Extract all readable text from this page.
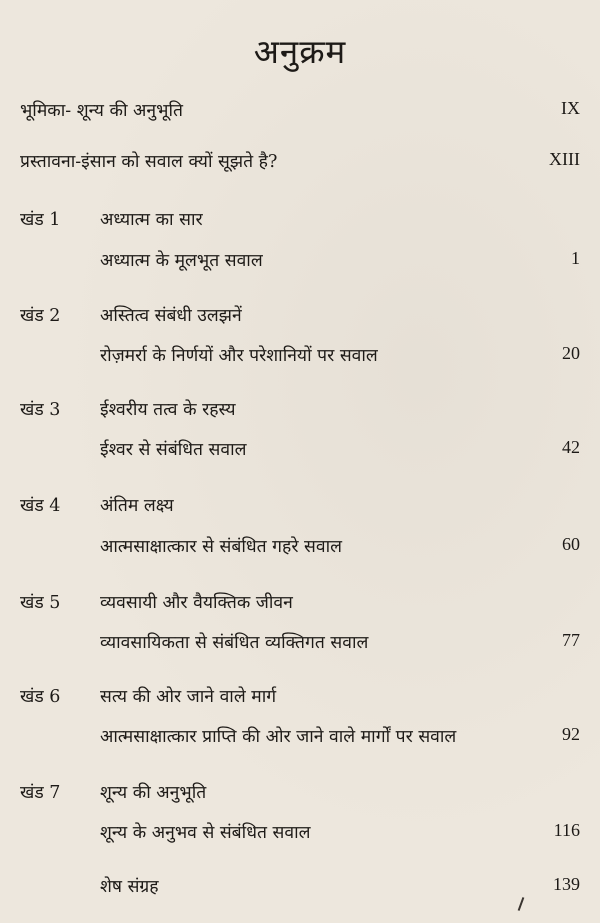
अनुक्रम
भूमिका- शून्य की अनुभूति	IX
प्रस्तावना-इंसान को सवाल क्यों सूझते है?	XIII
खंड 1 अध्यात्म का सार
अध्यात्म के मूलभूत सवाल	1
खंड 2 अस्तित्व संबंधी उलझनें
रोज़मर्रा के निर्णयों और परेशानियों पर सवाल	20
खंड 3 ईश्वरीय तत्व के रहस्य
ईश्वर से संबंधित सवाल	42
खंड 4 अंतिम लक्ष्य
आत्मसाक्षात्कार से संबंधित गहरे सवाल	60
खंड 5 व्यवसायी और वैयक्तिक जीवन
व्यावसायिकता से संबंधित व्यक्तिगत सवाल	77
खंड 6 सत्य की ओर जाने वाले मार्ग
आत्मसाक्षात्कार प्राप्ति की ओर जाने वाले मार्गों पर सवाल	92
खंड 7 शून्य की अनुभूति
शून्य के अनुभव से संबंधित सवाल	116
शेष संग्रह	139
